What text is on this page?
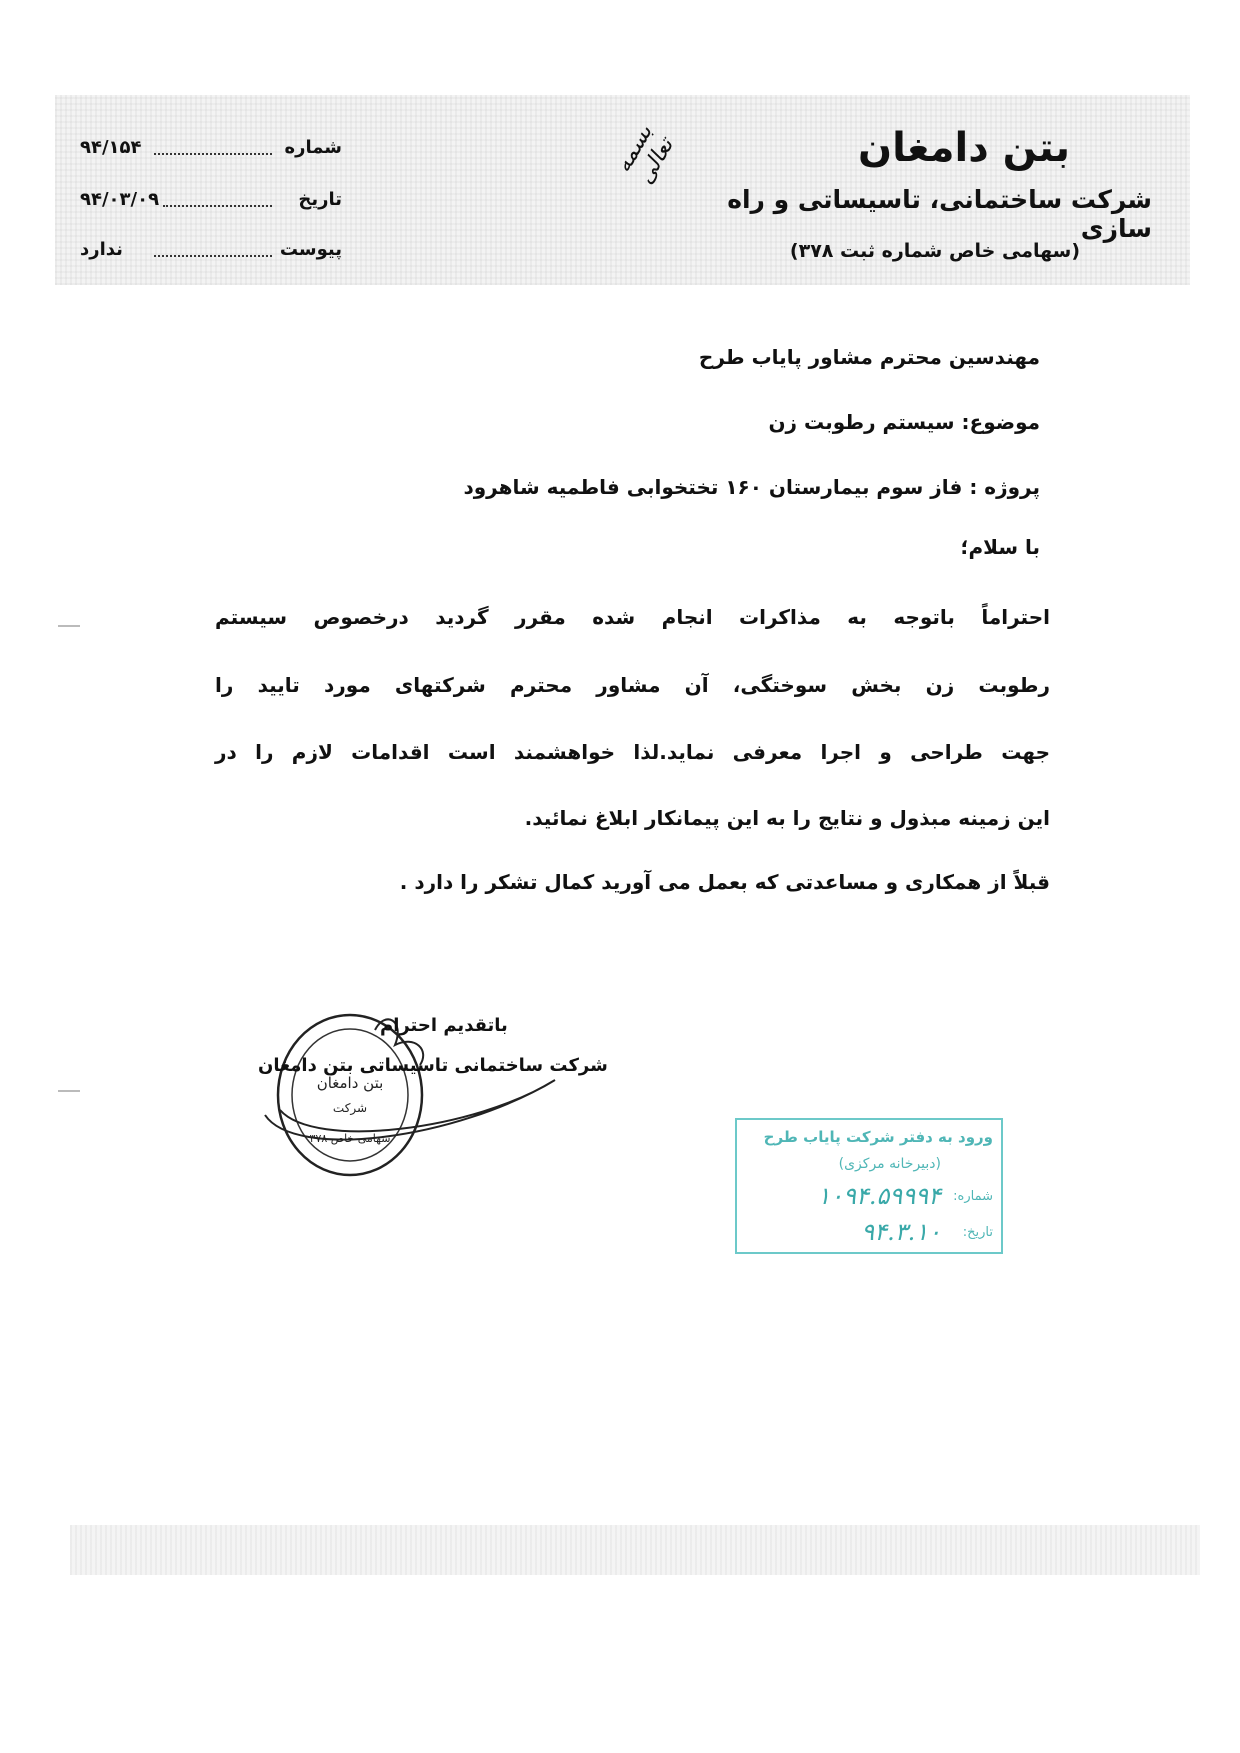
بتن دامغان
شرکت ساختمانی، تاسیساتی و راه سازی
(سهامی خاص شماره ثبت ۳۷۸)
بسمه تعالی
شماره
۹۴/۱۵۴
تاریخ
۹۴/۰۳/۰۹
پیوست
ندارد
مهندسین محترم مشاور پایاب طرح
موضوع: سیستم رطوبت زن
پروژه : فاز سوم بیمارستان ۱۶۰ تختخوابی فاطمیه شاهرود
با سلام؛
احتراماً باتوجه به مذاکرات انجام شده مقرر گردید درخصوص سیستم
رطوبت زن بخش سوختگی، آن مشاور محترم شرکتهای مورد تایید را
جهت طراحی و اجرا معرفی نماید.لذا خواهشمند است اقدامات لازم را در
این زمینه مبذول و نتایج را به این پیمانکار ابلاغ نمائید.
قبلاً از همکاری و مساعدتی که بعمل می آورید کمال تشکر را دارد .
بتن دامغان
شرکت
سهامی خاص ۳۷۸
باتقدیم احترام
شرکت ساختمانی تاسیساتی بتن دامغان
ورود به دفتر شرکت پایاب طرح
(دبیرخانه مرکزی)
شماره:
۱۰۹۴.۵۹۹۹۴
تاریخ:
۹۴.۳.۱۰
